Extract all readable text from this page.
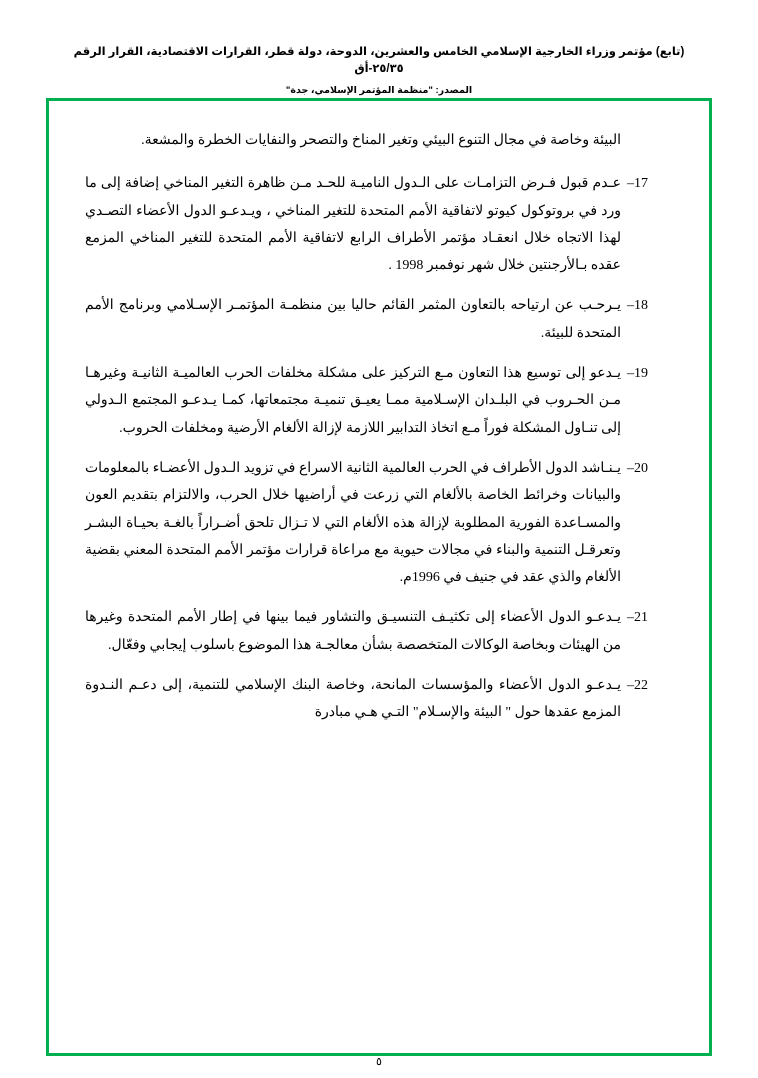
(تابع) مؤتمر وزراء الخارجية الإسلامي الخامس والعشرين، الدوحة، دولة قطر، القرارات الاقتصادية، القرار الرقم ٢٥/٣٥-أق
المصدر: "منظمة المؤتمر الإسلامي، جدة"
البيئة وخاصة في مجال التنوع البيئي وتغير المناخ والتصحر والنفايات الخطرة والمشعة.
17–
عـدم قبول فـرض التزامـات على الـدول الناميـة للحـد مـن ظاهرة التغير المناخي إضافة إلى ما ورد في بروتوكول كيوتو لاتفاقية الأمم المتحدة للتغير المناخي ، ويـدعـو الدول الأعضاء التصـدي لهذا الاتجاه خلال انعقـاد مؤتمر الأطراف الرابع لاتفاقية الأمم المتحدة للتغير المناخي المزمع عقده بـالأرجنتين خلال شهر نوفمبر 1998 .
18–
يـرحـب عن ارتياحه بالتعاون المثمر القائم حاليا بين منظمـة المؤتمـر الإسـلامي وبرنامج الأمم المتحدة للبيئة.
19–
يـدعو إلى توسيع هذا التعاون مـع التركيز على مشكلة مخلفات الحرب العالميـة الثانيـة وغيرهـا مـن الحـروب في البلـدان الإسـلامية ممـا يعيـق تنميـة مجتمعاتها، كمـا يـدعـو المجتمع الـدولي إلى تنـاول المشكلة فوراً مـع اتخاذ التدابير اللازمة لإزالة الألغام الأرضية ومخلفات الحروب.
20–
يـنـاشد الدول الأطراف في الحرب العالمية الثانية الاسراع في تزويد الـدول الأعضـاء بالمعلومات والبيانات وخرائط الخاصة بالألغام التي زرعت في أراضيها خلال الحرب، والالتزام بتقديم العون والمسـاعدة الفورية المطلوبة لإزالة هذه الألغام التي لا تـزال تلحق أضـراراً بالغـة بحيـاة البشـر وتعرقـل التنمية والبناء في مجالات حيوية مع مراعاة قرارات مؤتمر الأمم المتحدة المعني بقضية الألغام والذي عقد في جنيف في 1996م.
21–
يـدعـو الدول الأعضاء إلى تكثيـف التنسيـق والتشاور فيما بينها في إطار الأمم المتحدة وغيرها من الهيئات وبخاصة الوكالات المتخصصة بشأن معالجـة هذا الموضوع باسلوب إيجابي وفعّال.
22–
يـدعـو الدول الأعضاء والمؤسسات المانحة، وخاصة البنك الإسلامي للتنمية، إلى دعـم النـدوة المزمع عقدها حول " البيئة والإسـلام" التـي هـي مبادرة
٥
